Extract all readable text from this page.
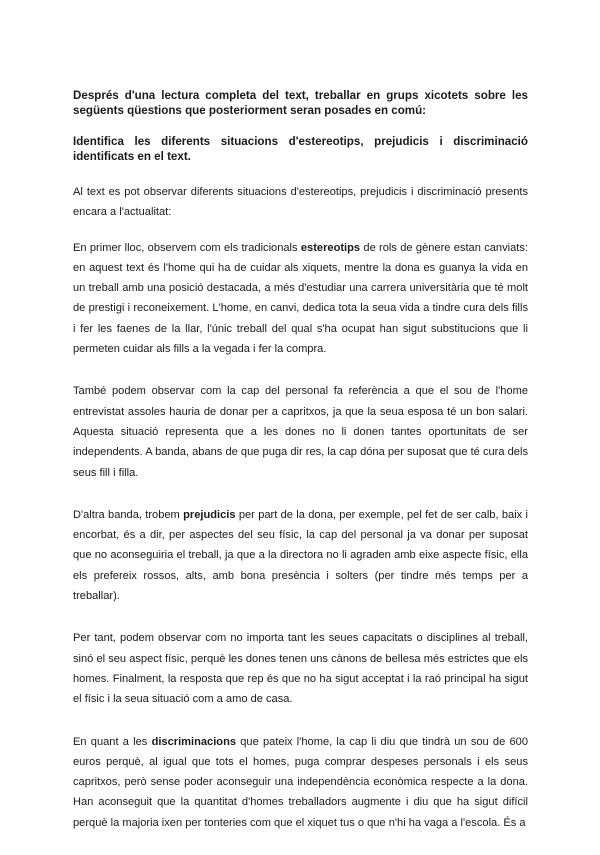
Després d'una lectura completa del text, treballar en grups xicotets sobre les següents qüestions que posteriorment seran posades en comú:

Identifica les diferents situacions d'estereotips, prejudicis i discriminació identificats en el text.

Al text es pot observar diferents situacions d'estereotips, prejudicis i discriminació presents encara a l'actualitat:

En primer lloc, observem com els tradicionals estereotips de rols de gènere estan canviats: en aquest text és l'home qui ha de cuidar als xiquets, mentre la dona es guanya la vida en un treball amb una posició destacada, a més d'estudiar una carrera universitària que té molt de prestigi i reconeixement. L'home, en canvi, dedica tota la seua vida a tindre cura dels fills i fer les faenes de la llar, l'únic treball del qual s'ha ocupat han sigut substitucions que li permeten cuidar als fills a la vegada i fer la compra.

També podem observar com la cap del personal fa referència a que el sou de l'home entrevistat assoles hauria de donar per a capritxos, ja que la seua esposa té un bon salari. Aquesta situació representa que a les dones no li donen tantes oportunitats de ser independents. A banda, abans de que puga dir res, la cap dóna per suposat que té cura dels seus fill i filla.

D'altra banda, trobem prejudicis per part de la dona, per exemple, pel fet de ser calb, baix i encorbat, és a dir, per aspectes del seu físic, la cap del personal ja va donar per suposat que no aconseguiria el treball, ja que a la directora no li agraden amb eixe aspecte físic, ella els prefereix rossos, alts, amb bona presència i solters (per tindre més temps per a treballar).

Per tant, podem observar com no importa tant les seues capacitats o disciplines al treball, sinó el seu aspect físic, perquè les dones tenen uns cànons de bellesa més estrictes que els homes. Finalment, la resposta que rep és que no ha sigut acceptat i la raó principal ha sigut el físic i la seua situació com a amo de casa.

En quant a les discriminacions que pateix l'home, la cap li diu que tindrà un sou de 600 euros perquè, al igual que tots el homes, puga comprar despeses personals i els seus capritxos, però sense poder aconseguir una independència econòmica respecte a la dona. Han aconseguit que la quantitat d'homes treballadors augmente i diu que ha sigut difícil perquè la majoria ixen per tonteries com que el xiquet tus o que n'hi ha vaga a l'escola. És a
